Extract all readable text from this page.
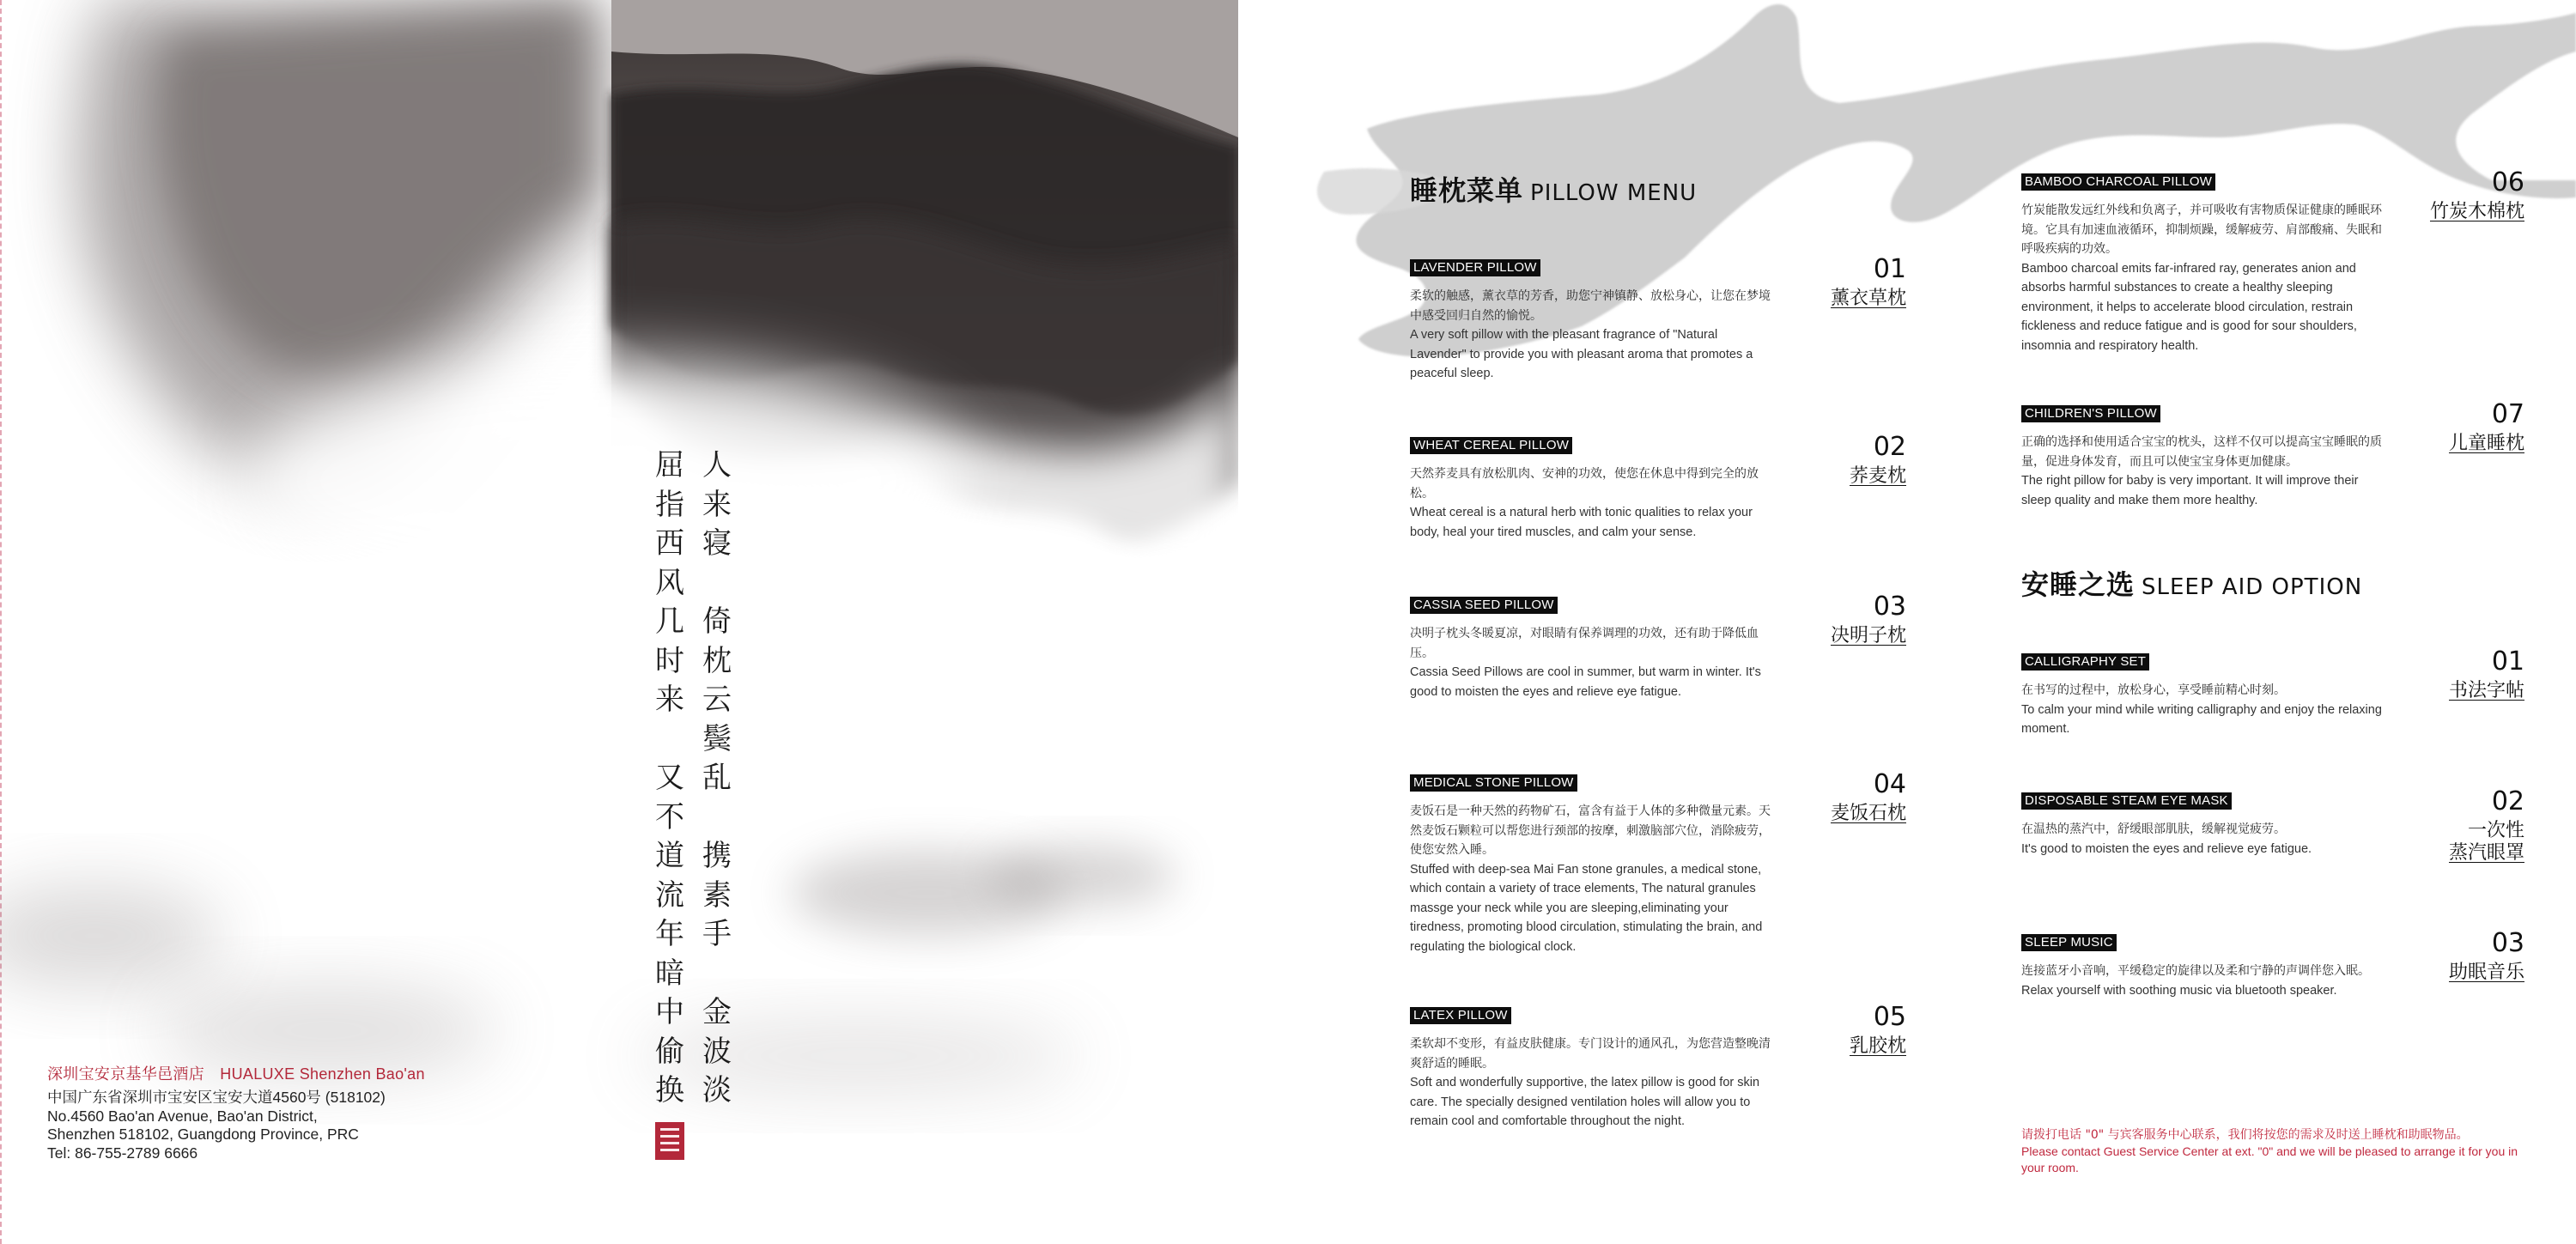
人
来
寝
倚
枕
云
鬓
乱
携
素
手
金
波
淡
屈
指
西
风
几
时
来
又
不
道
流
年
暗
中
偷
换
深圳宝安京基华邑酒店　HUALUXE Shenzhen Bao'an
中国广东省深圳市宝安区宝安大道4560号 (518102)
No.4560 Bao'an Avenue, Bao'an District,
Shenzhen 518102, Guangdong Province, PRC
Tel: 86-755-2789 6666
睡枕菜单 PILLOW MENU
LAVENDER PILLOW
柔软的触感，薰衣草的芳香，助您宁神镇静、放松身心，让您在梦境中感受回归自然的愉悦。
A very soft pillow with the pleasant fragrance of "Natural Lavender" to provide you with pleasant aroma that promotes a peaceful sleep.
01
薰衣草枕
WHEAT CEREAL PILLOW
天然荞麦具有放松肌肉、安神的功效，使您在休息中得到完全的放松。
Wheat cereal is a natural herb with tonic qualities to relax your body, heal your tired muscles, and calm your sense.
02
荞麦枕
CASSIA SEED PILLOW
决明子枕头冬暖夏凉，对眼睛有保养调理的功效，还有助于降低血压。
Cassia Seed Pillows are cool in summer, but warm in winter. It's good to moisten the eyes and relieve eye fatigue.
03
决明子枕
MEDICAL STONE PILLOW
麦饭石是一种天然的药物矿石，富含有益于人体的多种微量元素。天然麦饭石颗粒可以帮您进行颈部的按摩，刺激脑部穴位，消除疲劳，使您安然入睡。
Stuffed with deep-sea Mai Fan stone granules, a medical stone, which contain a variety of trace elements, The natural granules massge your neck while you are sleeping,eliminating your tiredness, promoting blood circulation, stimulating the brain, and regulating the biological clock.
04
麦饭石枕
LATEX PILLOW
柔软却不变形，有益皮肤健康。专门设计的通风孔，为您营造整晚清爽舒适的睡眠。
Soft and wonderfully supportive, the latex pillow is good for skin care. The specially designed ventilation holes will allow you to remain cool and comfortable throughout the night.
05
乳胶枕
BAMBOO CHARCOAL PILLOW
竹炭能散发远红外线和负离子，并可吸收有害物质保证健康的睡眠环境。它具有加速血液循环，抑制烦躁，缓解疲劳、肩部酸痛、失眠和呼吸疾病的功效。
Bamboo charcoal emits far-infrared ray, generates anion and absorbs harmful substances to create a healthy sleeping environment, it helps to accelerate blood circulation, restrain fickleness and reduce fatigue and is good for sour shoulders, insomnia and respiratory health.
06
竹炭木棉枕
CHILDREN'S PILLOW
正确的选择和使用适合宝宝的枕头，这样不仅可以提高宝宝睡眠的质量，促进身体发育，而且可以使宝宝身体更加健康。
The right pillow for baby is very important. It will improve their sleep quality and make them more healthy.
07
儿童睡枕
安睡之选 SLEEP AID OPTION
CALLIGRAPHY SET
在书写的过程中，放松身心，享受睡前精心时刻。
To calm your mind while writing calligraphy and enjoy the relaxing moment.
01
书法字帖
DISPOSABLE STEAM EYE MASK
在温热的蒸汽中，舒缓眼部肌肤，缓解视觉疲劳。
It's good to moisten the eyes and relieve eye fatigue.
02
一次性
蒸汽眼罩
SLEEP MUSIC
连接蓝牙小音响，平缓稳定的旋律以及柔和宁静的声调伴您入眠。
Relax yourself with soothing music via bluetooth speaker.
03
助眠音乐
请拨打电话 "0" 与宾客服务中心联系，我们将按您的需求及时送上睡枕和助眠物品。
Please contact Guest Service Center at ext. "0" and we will be pleased to arrange it for you in your room.
